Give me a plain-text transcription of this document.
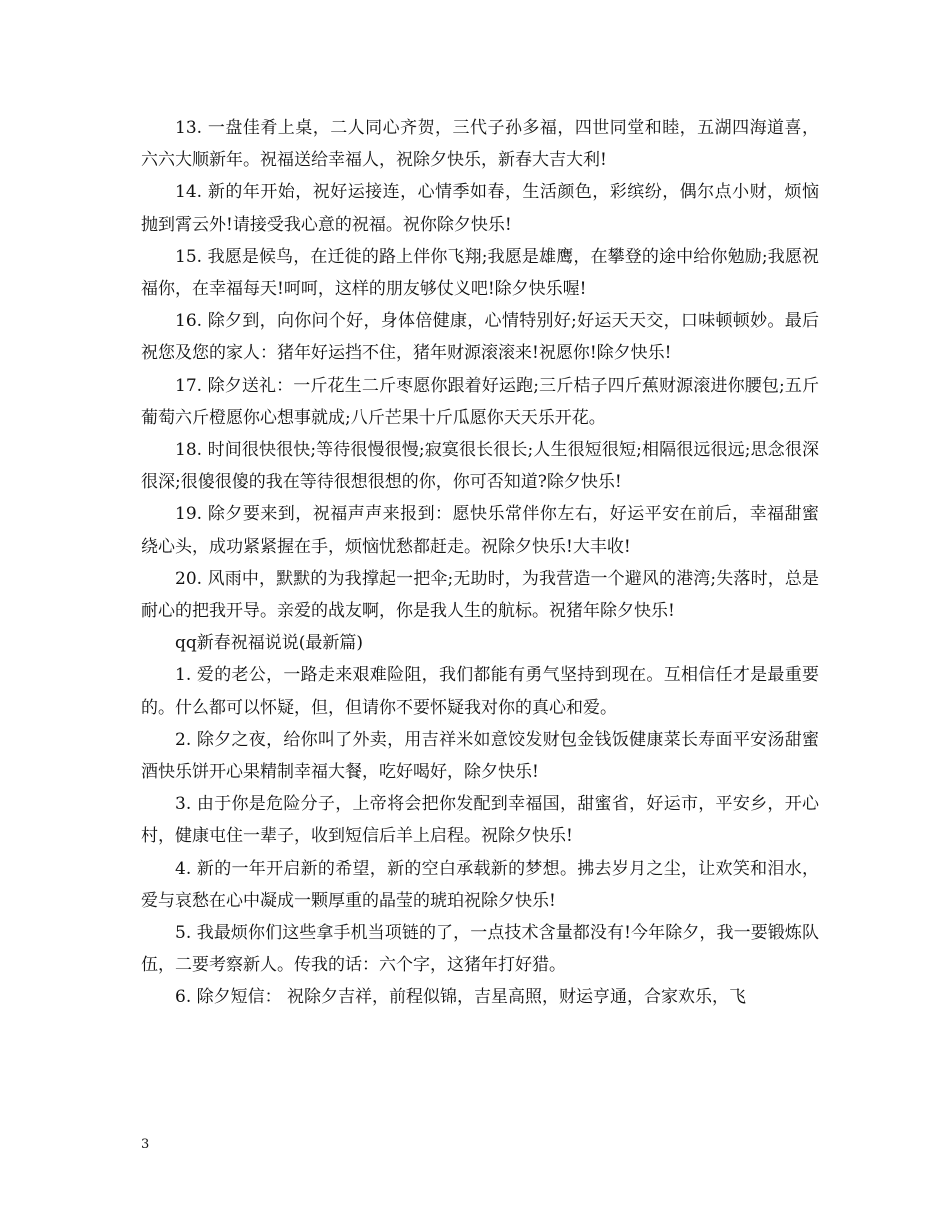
13. 一盘佳肴上桌，二人同心齐贺，三代子孙多福，四世同堂和睦，五湖四海道喜，六六大顺新年。祝福送给幸福人，祝除夕快乐，新春大吉大利!

14. 新的年开始，祝好运接连，心情季如春，生活颜色，彩缤纷，偶尔点小财，烦恼抛到霄云外!请接受我心意的祝福。祝你除夕快乐!

15. 我愿是候鸟，在迁徙的路上伴你飞翔;我愿是雄鹰，在攀登的途中给你勉励;我愿祝福你，在幸福每天!呵呵，这样的朋友够仗义吧!除夕快乐喔!

16. 除夕到，向你问个好，身体倍健康，心情特别好;好运天天交，口味顿顿妙。最后祝您及您的家人：猪年好运挡不住，猪年财源滚滚来!祝愿你!除夕快乐!

17. 除夕送礼：一斤花生二斤枣愿你跟着好运跑;三斤桔子四斤蕉财源滚进你腰包;五斤葡萄六斤橙愿你心想事就成;八斤芒果十斤瓜愿你天天乐开花。

18. 时间很快很快;等待很慢很慢;寂寞很长很长;人生很短很短;相隔很远很远;思念很深很深;很傻很傻的我在等待很想很想的你，你可否知道?除夕快乐!

19. 除夕要来到，祝福声声来报到：愿快乐常伴你左右，好运平安在前后，幸福甜蜜绕心头，成功紧紧握在手，烦恼忧愁都赶走。祝除夕快乐!大丰收!

20. 风雨中，默默的为我撑起一把伞;无助时，为我营造一个避风的港湾;失落时，总是耐心的把我开导。亲爱的战友啊，你是我人生的航标。祝猪年除夕快乐!

qq新春祝福说说(最新篇)

1. 爱的老公，一路走来艰难险阻，我们都能有勇气坚持到现在。互相信任才是最重要的。什么都可以怀疑，但，但请你不要怀疑我对你的真心和爱。

2. 除夕之夜，给你叫了外卖，用吉祥米如意饺发财包金钱饭健康菜长寿面平安汤甜蜜酒快乐饼开心果精制幸福大餐，吃好喝好，除夕快乐!

3. 由于你是危险分子，上帝将会把你发配到幸福国，甜蜜省，好运市，平安乡，开心村，健康屯住一辈子，收到短信后羊上启程。祝除夕快乐!

4. 新的一年开启新的希望，新的空白承载新的梦想。拂去岁月之尘，让欢笑和泪水，爱与哀愁在心中凝成一颗厚重的晶莹的琥珀祝除夕快乐!

5. 我最烦你们这些拿手机当项链的了，一点技术含量都没有!今年除夕，我一要锻炼队伍，二要考察新人。传我的话：六个字，这猪年打好猎。

6. 除夕短信： 祝除夕吉祥，前程似锦，吉星高照，财运亨通，合家欢乐，飞

3
